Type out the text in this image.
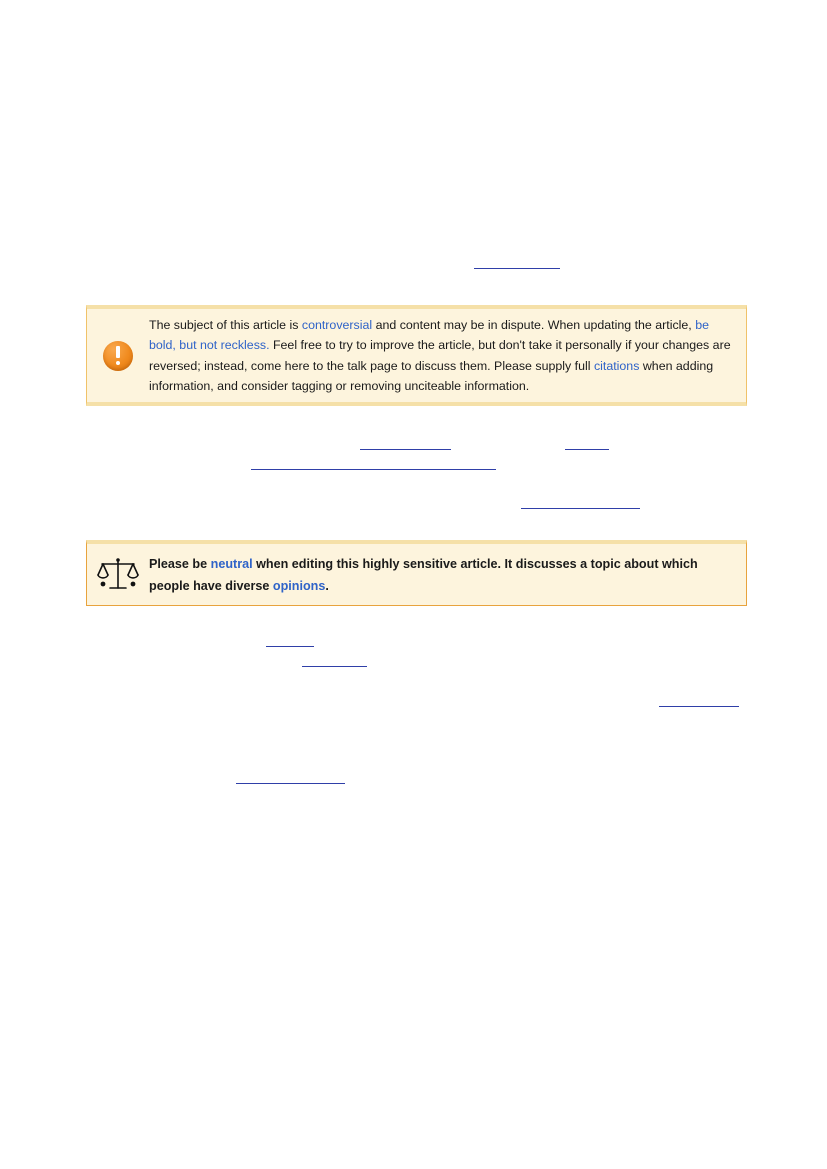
The subject of this article is controversial and content may be in dispute. When updating the article, be bold, but not reckless. Feel free to try to improve the article, but don't take it personally if your changes are reversed; instead, come here to the talk page to discuss them. Please supply full citations when adding information, and consider tagging or removing unciteable information.
Please be neutral when editing this highly sensitive article. It discusses a topic about which people have diverse opinions.
